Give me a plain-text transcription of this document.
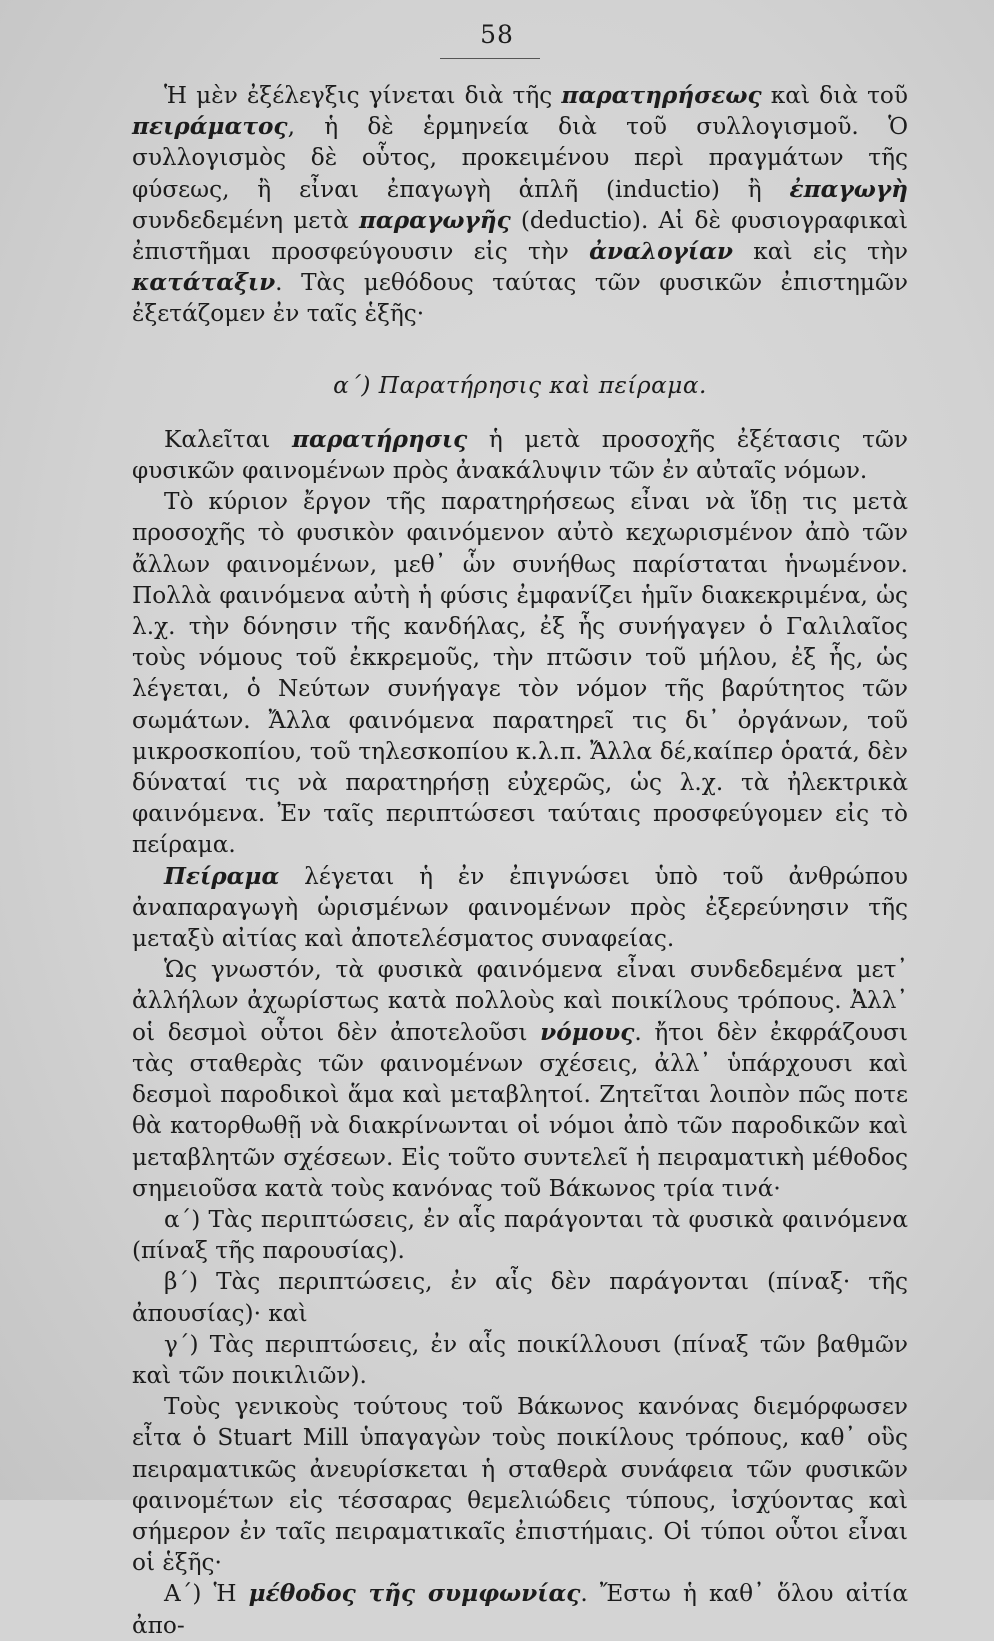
58

Ἡ μὲν ἐξέλεγξις γίνεται διὰ τῆς παρατηρήσεως καὶ διὰ τοῦ πειράματος, ἡ δὲ ἑρμηνεία διὰ τοῦ συλλογισμοῦ. Ὁ συλλογισμὸς δὲ οὗτος, προκειμένου περὶ πραγμάτων τῆς φύσεως, ἢ εἶναι ἐπαγωγὴ ἁπλῆ (inductio) ἢ ἐπαγωγὴ συνδεδεμένη μετὰ παραγωγῆς (deductio). Αἱ δὲ φυσιογραφικαὶ ἐπιστῆμαι προσφεύγουσιν εἰς τὴν ἀναλογίαν καὶ εἰς τὴν κατάταξιν. Τὰς μεθόδους ταύτας τῶν φυσικῶν ἐπιστημῶν ἐξετάζομεν ἐν ταῖς ἑξῆς·

α΄) Παρατήρησις καὶ πείραμα.

Καλεῖται παρατήρησις ἡ μετὰ προσοχῆς ἐξέτασις τῶν φυσικῶν φαινομένων πρὸς ἀνακάλυψιν τῶν ἐν αὐταῖς νόμων.

Τὸ κύριον ἔργον τῆς παρατηρήσεως εἶναι νὰ ἴδῃ τις μετὰ προσοχῆς τὸ φυσικὸν φαινόμενον αὐτὸ κεχωρισμένον ἀπὸ τῶν ἄλλων φαινομένων, μεθ᾽ ὧν συνήθως παρίσταται ἡνωμένον. Πολλὰ φαινόμενα αὐτὴ ἡ φύσις ἐμφανίζει ἡμῖν διακεκριμένα, ὡς λ.χ. τὴν δόνησιν τῆς κανδήλας, ἐξ ἧς συνήγαγεν ὁ Γαλιλαῖος τοὺς νόμους τοῦ ἐκκρεμοῦς, τὴν πτῶσιν τοῦ μήλου, ἐξ ἧς, ὡς λέγεται, ὁ Νεύτων συνήγαγε τὸν νόμον τῆς βαρύτητος τῶν σωμάτων. Ἄλλα φαινόμενα παρατηρεῖ τις δι᾽ ὀργάνων, τοῦ μικροσκοπίου, τοῦ τηλεσκοπίου κ.λ.π. Ἄλλα δέ,καίπερ ὁρατά, δὲν δύναταί τις νὰ παρατηρήσῃ εὐχερῶς, ὡς λ.χ. τὰ ἠλεκτρικὰ φαινόμενα. Ἐν ταῖς περιπτώσεσι ταύταις προσφεύγομεν εἰς τὸ πείραμα.

Πείραμα λέγεται ἡ ἐν ἐπιγνώσει ὑπὸ τοῦ ἀνθρώπου ἀναπαραγωγὴ ὡρισμένων φαινομένων πρὸς ἐξερεύνησιν τῆς μεταξὺ αἰτίας καὶ ἀποτελέσματος συναφείας.

Ὡς γνωστόν, τὰ φυσικὰ φαινόμενα εἶναι συνδεδεμένα μετ᾽ ἀλλήλων ἀχωρίστως κατὰ πολλοὺς καὶ ποικίλους τρόπους. Ἀλλ᾽ οἱ δεσμοὶ οὗτοι δὲν ἀποτελοῦσι νόμους. ἤτοι δὲν ἐκφράζουσι τὰς σταθερὰς τῶν φαινομένων σχέσεις, ἀλλ᾽ ὑπάρχουσι καὶ δεσμοὶ παροδικοὶ ἅμα καὶ μεταβλητοί. Ζητεῖται λοιπὸν πῶς ποτε θὰ κατορθωθῇ νὰ διακρίνωνται οἱ νόμοι ἀπὸ τῶν παροδικῶν καὶ μεταβλητῶν σχέσεων. Εἰς τοῦτο συντελεῖ ἡ πειραματικὴ μέθοδος σημειοῦσα κατὰ τοὺς κανόνας τοῦ Βάκωνος τρία τινά·

α΄) Τὰς περιπτώσεις, ἐν αἷς παράγονται τὰ φυσικὰ φαινόμενα (πίναξ τῆς παρουσίας).

β΄) Τὰς περιπτώσεις, ἐν αἷς δὲν παράγονται (πίναξ· τῆς ἀπουσίας)· καὶ

γ΄) Τὰς περιπτώσεις, ἐν αἷς ποικίλλουσι (πίναξ τῶν βαθμῶν καὶ τῶν ποικιλιῶν).

Τοὺς γενικοὺς τούτους τοῦ Βάκωνος κανόνας διεμόρφωσεν εἶτα ὁ Stuart Mill ὑπαγαγὼν τοὺς ποικίλους τρόπους, καθ᾽ οὓς πειραματικῶς ἀνευρίσκεται ἡ σταθερὰ συνάφεια τῶν φυσικῶν φαινομέτων εἰς τέσσαρας θεμελιώδεις τύπους, ἰσχύοντας καὶ σήμερον ἐν ταῖς πειραματικαῖς ἐπιστήμαις. Οἱ τύποι οὗτοι εἶναι οἱ ἑξῆς·

Α΄) Ἡ μέθοδος τῆς συμφωνίας. Ἔστω ἡ καθ᾽ ὅλου αἰτία ἀπο-
